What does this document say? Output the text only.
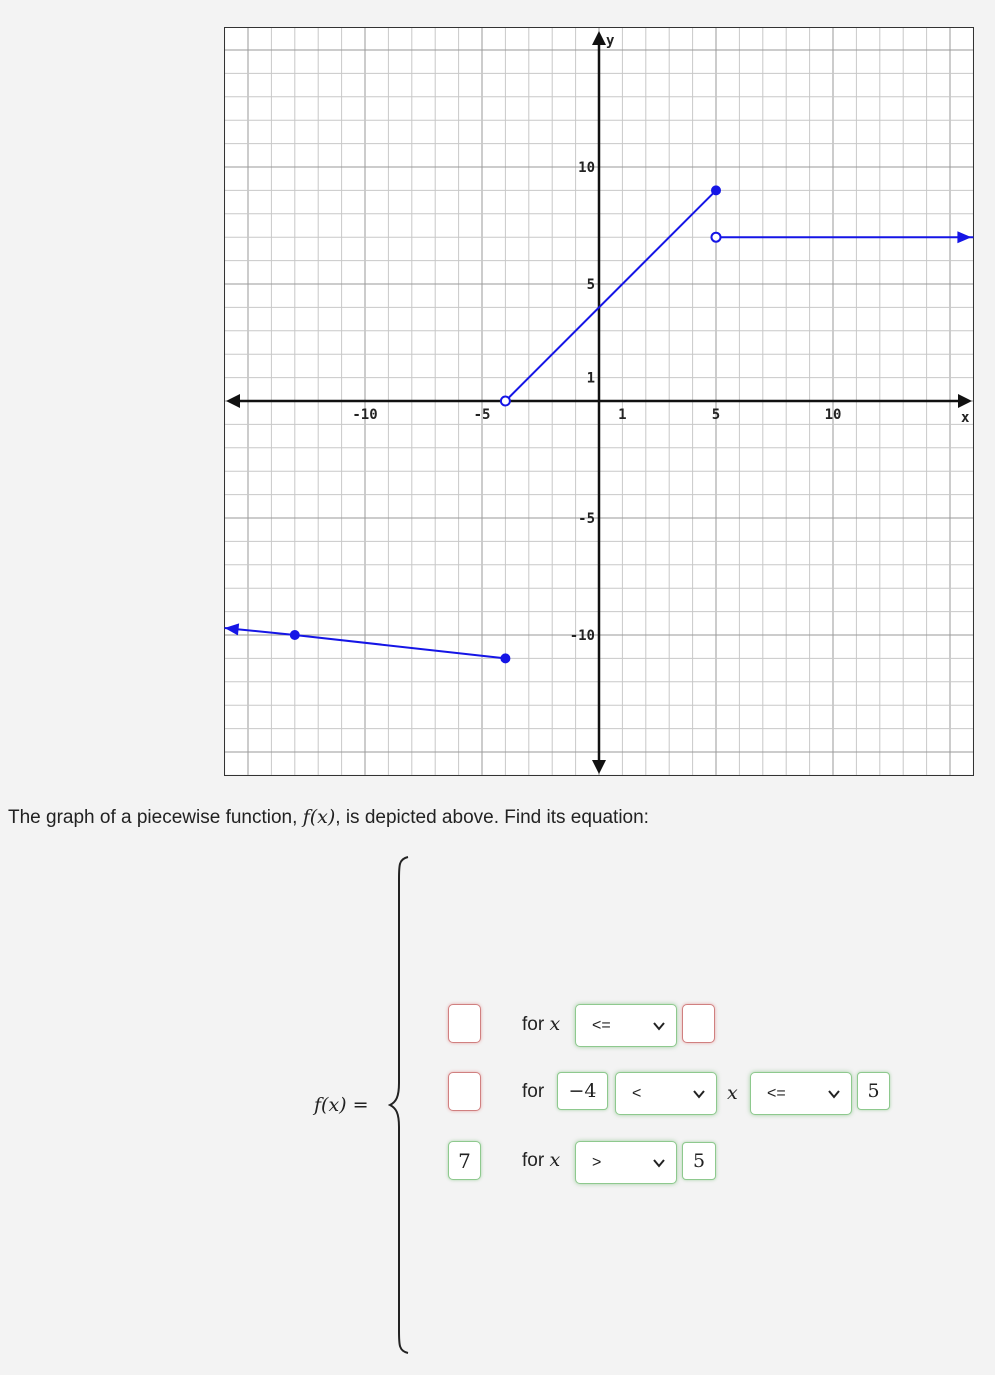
x
y
-10	-5	1	5	10
10
5
1
-5
-10
The graph of a piecewise function, f(x), is depicted above. Find its equation:
f(x) =
for x <=
for	−4	<	x <=	5
7	for x >	5
